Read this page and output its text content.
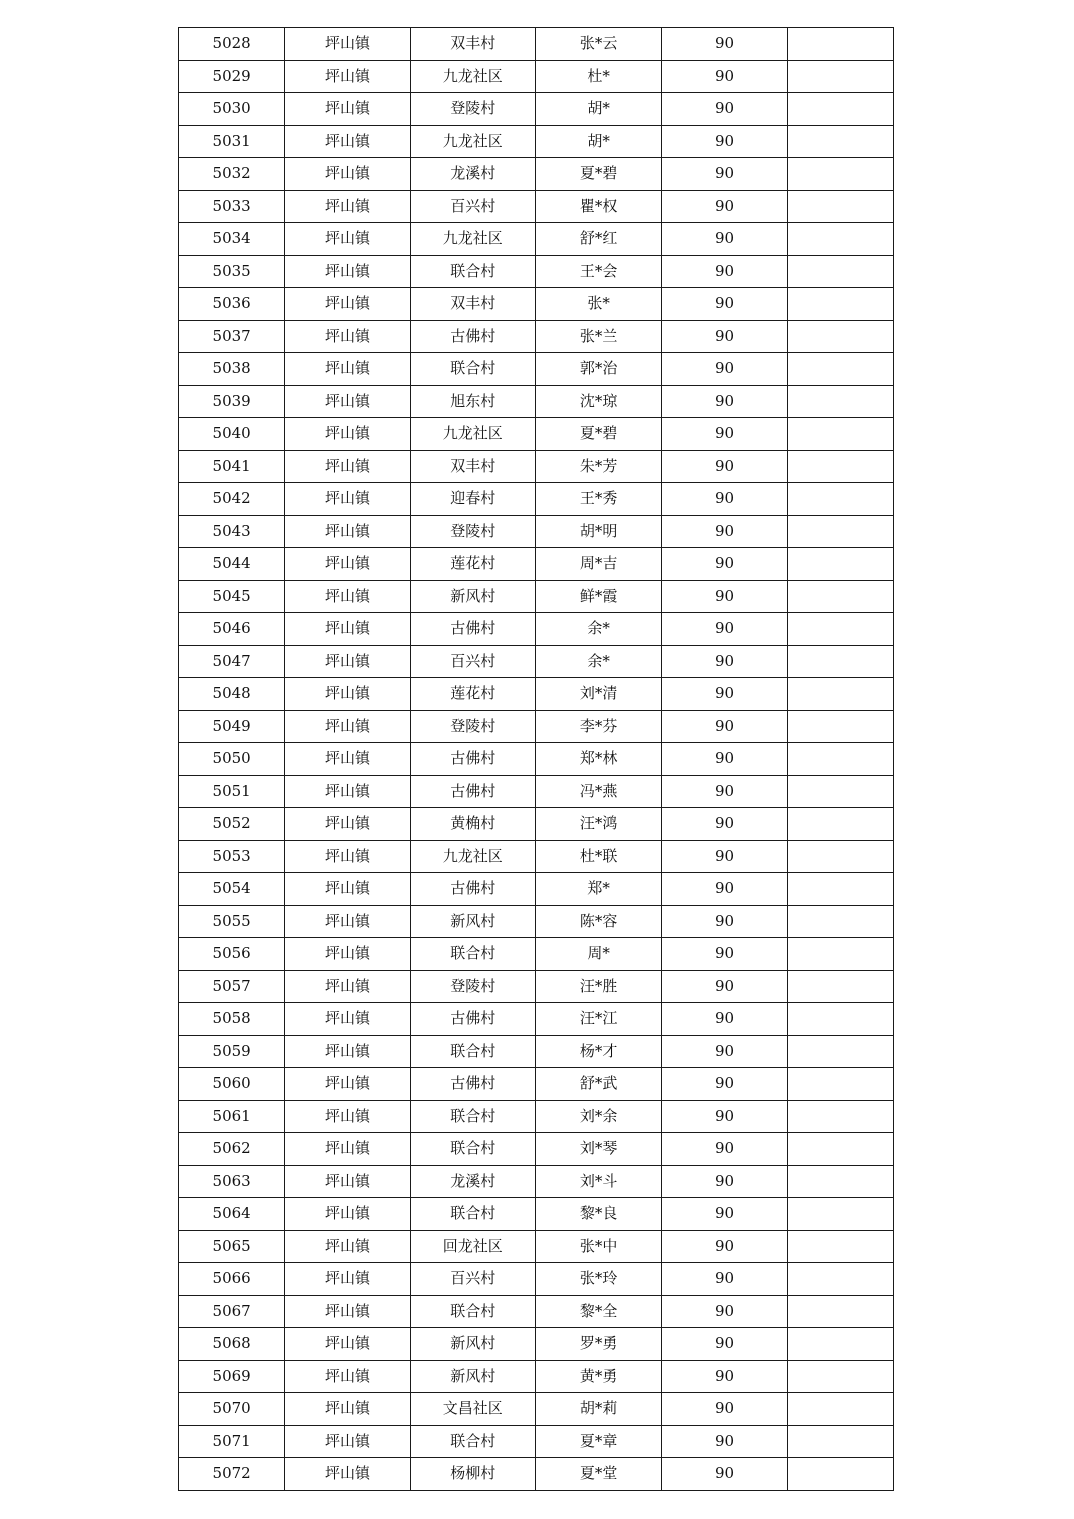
5028	坪山镇	双丰村	张*云	90	
5029	坪山镇	九龙社区	杜*	90	
5030	坪山镇	登陵村	胡*	90	
5031	坪山镇	九龙社区	胡*	90	
5032	坪山镇	龙溪村	夏*碧	90	
5033	坪山镇	百兴村	瞿*权	90	
5034	坪山镇	九龙社区	舒*红	90	
5035	坪山镇	联合村	王*会	90	
5036	坪山镇	双丰村	张*	90	
5037	坪山镇	古佛村	张*兰	90	
5038	坪山镇	联合村	郭*治	90	
5039	坪山镇	旭东村	沈*琼	90	
5040	坪山镇	九龙社区	夏*碧	90	
5041	坪山镇	双丰村	朱*芳	90	
5042	坪山镇	迎春村	王*秀	90	
5043	坪山镇	登陵村	胡*明	90	
5044	坪山镇	莲花村	周*吉	90	
5045	坪山镇	新风村	鲜*霞	90	
5046	坪山镇	古佛村	余*	90	
5047	坪山镇	百兴村	余*	90	
5048	坪山镇	莲花村	刘*清	90	
5049	坪山镇	登陵村	李*芬	90	
5050	坪山镇	古佛村	郑*林	90	
5051	坪山镇	古佛村	冯*燕	90	
5052	坪山镇	黄桷村	汪*鸿	90	
5053	坪山镇	九龙社区	杜*联	90	
5054	坪山镇	古佛村	郑*	90	
5055	坪山镇	新风村	陈*容	90	
5056	坪山镇	联合村	周*	90	
5057	坪山镇	登陵村	汪*胜	90	
5058	坪山镇	古佛村	汪*江	90	
5059	坪山镇	联合村	杨*才	90	
5060	坪山镇	古佛村	舒*武	90	
5061	坪山镇	联合村	刘*余	90	
5062	坪山镇	联合村	刘*琴	90	
5063	坪山镇	龙溪村	刘*斗	90	
5064	坪山镇	联合村	黎*良	90	
5065	坪山镇	回龙社区	张*中	90	
5066	坪山镇	百兴村	张*玲	90	
5067	坪山镇	联合村	黎*全	90	
5068	坪山镇	新风村	罗*勇	90	
5069	坪山镇	新风村	黄*勇	90	
5070	坪山镇	文昌社区	胡*莉	90	
5071	坪山镇	联合村	夏*章	90	
5072	坪山镇	杨柳村	夏*堂	90	
